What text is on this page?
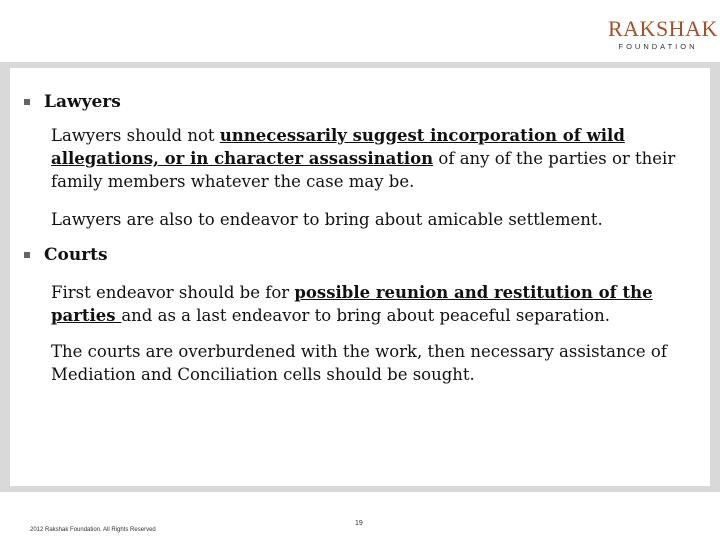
RAKSHAK
FOUNDATION
Lawyers
Lawyers should not unnecessarily suggest incorporation of wild allegations, or in character assassination of any of the parties or their family members whatever the case may be.
Lawyers are also to endeavor to bring about amicable settlement.
Courts
First endeavor should be for possible reunion and restitution of the parties and as a last endeavor to bring about peaceful separation.
The courts are overburdened with the work, then necessary assistance of Mediation and Conciliation cells should be sought.
2012 Rakshak Foundation. All Rights Reserved
19
